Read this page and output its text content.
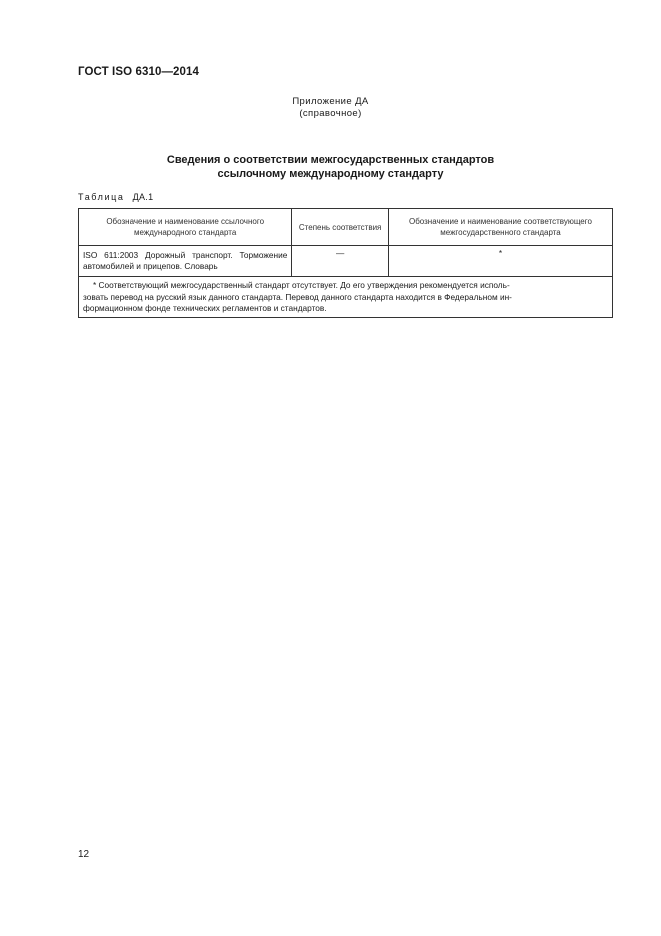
ГОСТ ISO 6310—2014
Приложение ДА
(справочное)
Сведения о соответствии межгосударственных стандартов
ссылочному международному стандарту
Таблица ДА.1
Обозначение и наименование ссылочного международного стандарта	Степень соответствия	Обозначение и наименование соответствующего межгосударственного стандарта
ISO 611:2003 Дорожный транспорт. Торможение автомобилей и прицепов. Словарь	—	*

* Соответствующий межгосударственный стандарт отсутствует. До его утверждения рекомендуется исполь-
зовать перевод на русский язык данного стандарта. Перевод данного стандарта находится в Федеральном ин-
формационном фонде технических регламентов и стандартов.		
12
